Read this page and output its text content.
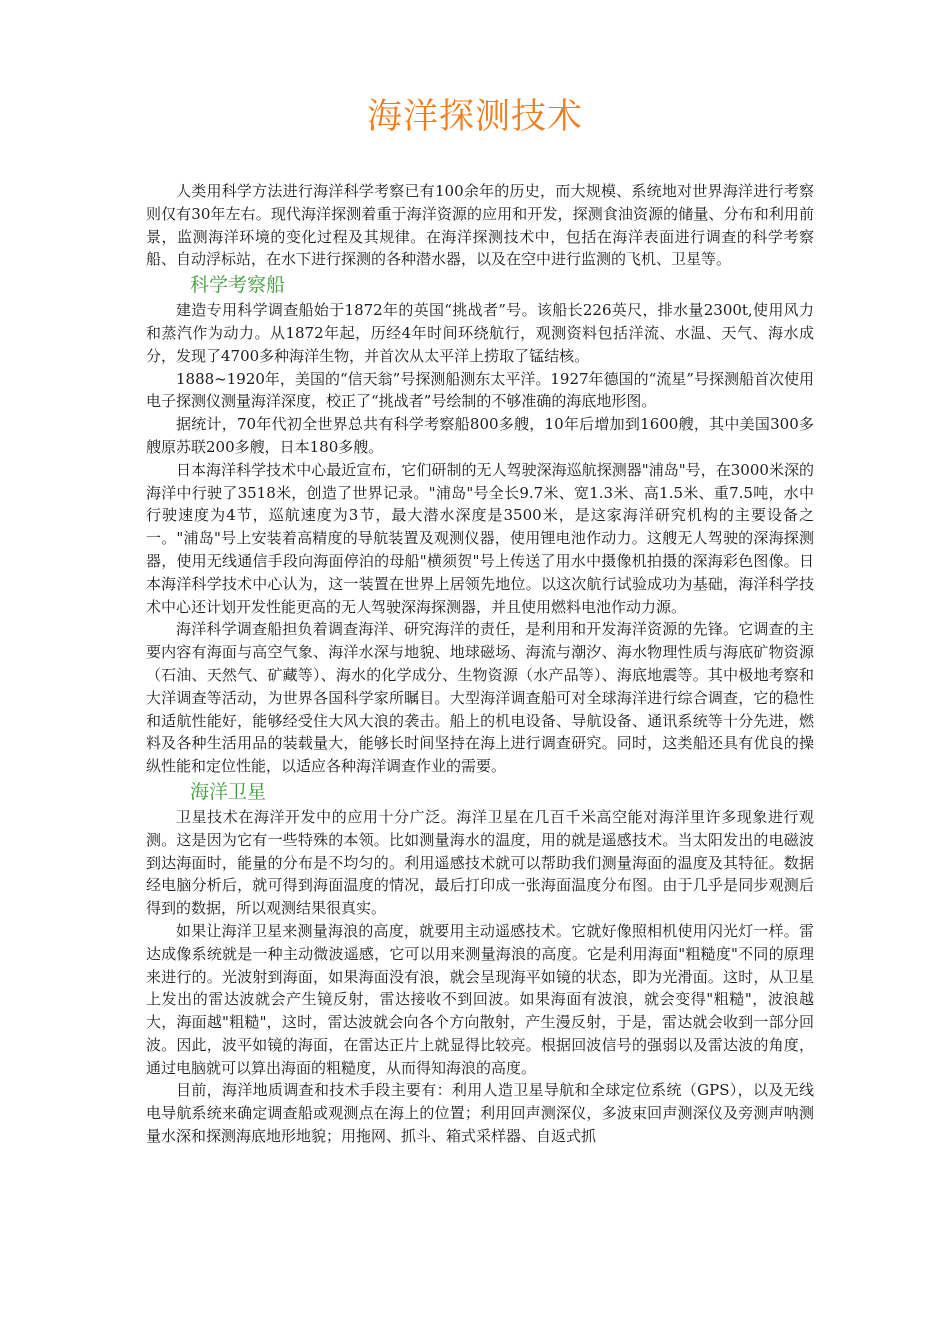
海洋探测技术

人类用科学方法进行海洋科学考察已有100余年的历史，而大规模、系统地对世界海洋进行考察则仅有30年左右。现代海洋探测着重于海洋资源的应用和开发，探测食油资源的储量、分布和利用前景，监测海洋环境的变化过程及其规律。在海洋探测技术中，包括在海洋表面进行调查的科学考察船、自动浮标站，在水下进行探测的各种潜水器，以及在空中进行监测的飞机、卫星等。

科学考察船

建造专用科学调查船始于1872年的英国“挑战者”号。该船长226英尺，排水量2300t,使用风力和蒸汽作为动力。从1872年起，历经4年时间环绕航行，观测资料包括洋流、水温、天气、海水成分，发现了4700多种海洋生物，并首次从太平洋上捞取了锰结核。

1888~1920年，美国的“信天翁”号探测船测东太平洋。1927年德国的“流星”号探测船首次使用电子探测仪测量海洋深度，校正了“挑战者”号绘制的不够准确的海底地形图。

据统计，70年代初全世界总共有科学考察船800多艘，10年后增加到1600艘，其中美国300多艘原苏联200多艘，日本180多艘。

日本海洋科学技术中心最近宣布，它们研制的无人驾驶深海巡航探测器"浦岛"号，在3000米深的海洋中行驶了3518米，创造了世界记录。"浦岛"号全长9.7米、宽1.3米、高1.5米、重7.5吨，水中行驶速度为4节，巡航速度为3节，最大潜水深度是3500米，是这家海洋研究机构的主要设备之一。"浦岛"号上安装着高精度的导航装置及观测仪器，使用锂电池作动力。这艘无人驾驶的深海探测器，使用无线通信手段向海面停泊的母船"横须贺"号上传送了用水中摄像机拍摄的深海彩色图像。日本海洋科学技术中心认为，这一装置在世界上居领先地位。以这次航行试验成功为基础，海洋科学技术中心还计划开发性能更高的无人驾驶深海探测器，并且使用燃料电池作动力源。

海洋科学调查船担负着调查海洋、研究海洋的责任，是利用和开发海洋资源的先锋。它调查的主要内容有海面与高空气象、海洋水深与地貌、地球磁场、海流与潮汐、海水物理性质与海底矿物资源（石油、天然气、矿藏等）、海水的化学成分、生物资源（水产品等）、海底地震等。其中极地考察和大洋调查等活动，为世界各国科学家所瞩目。大型海洋调查船可对全球海洋进行综合调查，它的稳性和适航性能好，能够经受住大风大浪的袭击。船上的机电设备、导航设备、通讯系统等十分先进，燃料及各种生活用品的装载量大，能够长时间坚持在海上进行调查研究。同时，这类船还具有优良的操纵性能和定位性能，以适应各种海洋调查作业的需要。

海洋卫星

卫星技术在海洋开发中的应用十分广泛。海洋卫星在几百千米高空能对海洋里许多现象进行观测。这是因为它有一些特殊的本领。比如测量海水的温度，用的就是遥感技术。当太阳发出的电磁波到达海面时，能量的分布是不均匀的。利用遥感技术就可以帮助我们测量海面的温度及其特征。数据经电脑分析后，就可得到海面温度的情况，最后打印成一张海面温度分布图。由于几乎是同步观测后得到的数据，所以观测结果很真实。

如果让海洋卫星来测量海浪的高度，就要用主动遥感技术。它就好像照相机使用闪光灯一样。雷达成像系统就是一种主动微波遥感，它可以用来测量海浪的高度。它是利用海面"粗糙度"不同的原理来进行的。光波射到海面，如果海面没有浪，就会呈现海平如镜的状态，即为光滑面。这时，从卫星上发出的雷达波就会产生镜反射，雷达接收不到回波。如果海面有波浪，就会变得"粗糙"，波浪越大，海面越"粗糙"，这时，雷达波就会向各个方向散射，产生漫反射，于是，雷达就会收到一部分回波。因此，波平如镜的海面，在雷达正片上就显得比较亮。根据回波信号的强弱以及雷达波的角度，通过电脑就可以算出海面的粗糙度，从而得知海浪的高度。

目前，海洋地质调查和技术手段主要有：利用人造卫星导航和全球定位系统（GPS），以及无线电导航系统来确定调查船或观测点在海上的位置；利用回声测深仪，多波束回声测深仪及旁测声呐测量水深和探测海底地形地貌；用拖网、抓斗、箱式采样器、自返式抓
